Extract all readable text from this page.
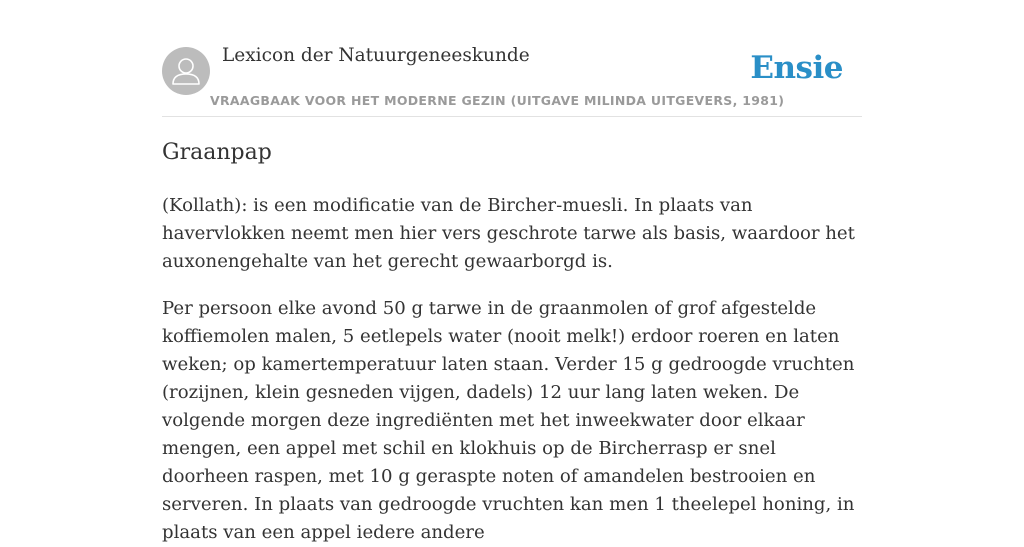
Lexicon der Natuurgeneeskunde
VRAAGBAAK VOOR HET MODERNE GEZIN (UITGAVE MILINDA UITGEVERS, 1981)
Ensie
Graanpap

(Kollath): is een modificatie van de Bircher-muesli. In plaats van havervlokken neemt men hier vers geschrote tarwe als basis, waardoor het auxonengehalte van het gerecht gewaarborgd is.

Per persoon elke avond 50 g tarwe in de graanmolen of grof afgestelde koffiemolen malen, 5 eetlepels water (nooit melk!) erdoor roeren en laten weken; op kamertemperatuur laten staan. Verder 15 g gedroogde vruchten (rozijnen, klein gesneden vijgen, dadels) 12 uur lang laten weken. De volgende morgen deze ingrediënten met het inweekwater door elkaar mengen, een appel met schil en klokhuis op de Bircherrasp er snel doorheen raspen, met 10 g geraspte noten of amandelen bestrooien en serveren. In plaats van gedroogde vruchten kan men 1 theelepel honing, in plaats van een appel iedere andere
